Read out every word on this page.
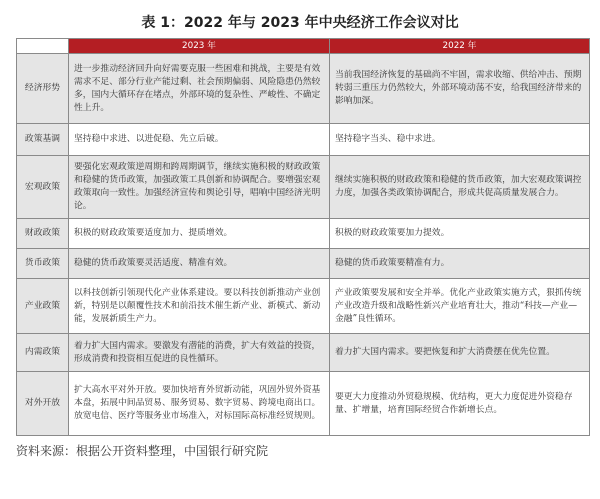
表 1：2022 年与 2023 年中央经济工作会议对比
	2023 年	2022 年
经济形势	进一步推动经济回升向好需要克服一些困难和挑战，主要是有效需求不足、部分行业产能过剩、社会预期偏弱、风险隐患仍然较多，国内大循环存在堵点，外部环境的复杂性、严峻性、不确定性上升。	当前我国经济恢复的基础尚不牢固，需求收缩、供给冲击、预期转弱三重压力仍然较大，外部环境动荡不安，给我国经济带来的影响加深。
政策基调	坚持稳中求进、以进促稳、先立后破。	坚持稳字当头、稳中求进。
宏观政策	要强化宏观政策逆周期和跨周期调节，继续实施积极的财政政策和稳健的货币政策，加强政策工具创新和协调配合。要增强宏观政策取向一致性。加强经济宣传和舆论引导，唱响中国经济光明论。	继续实施积极的财政政策和稳健的货币政策，加大宏观政策调控力度，加强各类政策协调配合，形成共促高质量发展合力。
财政政策	积极的财政政策要适度加力、提质增效。	积极的财政政策要加力提效。
货币政策	稳健的货币政策要灵活适度、精准有效。	稳健的货币政策要精准有力。
产业政策	以科技创新引领现代化产业体系建设。要以科技创新推动产业创新，特别是以颠覆性技术和前沿技术催生新产业、新模式、新动能，发展新质生产力。	产业政策要发展和安全并举。优化产业政策实施方式，狠抓传统产业改造升级和战略性新兴产业培育壮大，推动“科技—产业—金融”良性循环。
内需政策	着力扩大国内需求。要激发有潜能的消费，扩大有效益的投资，形成消费和投资相互促进的良性循环。	着力扩大国内需求。要把恢复和扩大消费摆在优先位置。
对外开放	扩大高水平对外开放。要加快培育外贸新动能，巩固外贸外资基本盘，拓展中间品贸易、服务贸易、数字贸易、跨境电商出口。放宽电信、医疗等服务业市场准入，对标国际高标准经贸规则。	要更大力度推动外贸稳规模、优结构，更大力度促进外资稳存量、扩增量，培育国际经贸合作新增长点。
资料来源：根据公开资料整理，中国银行研究院
